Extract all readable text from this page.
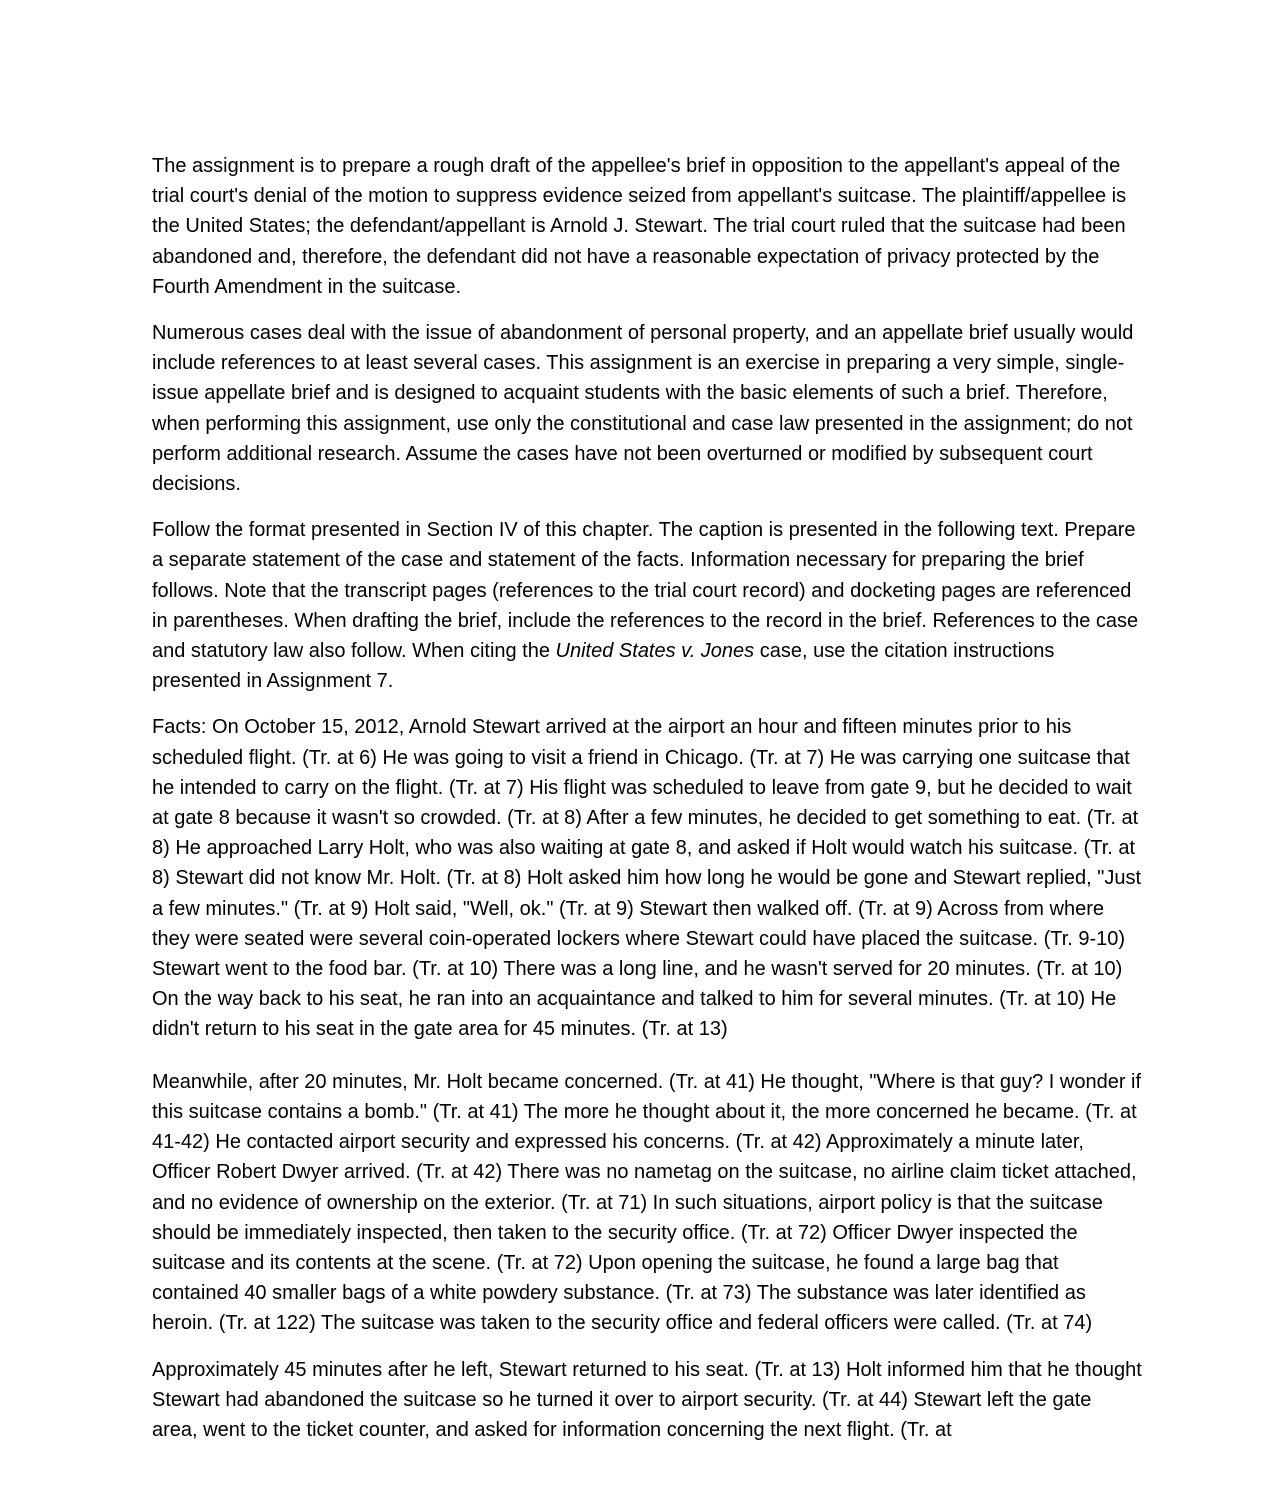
The assignment is to prepare a rough draft of the appellee's brief in opposition to the appellant's appeal of the trial court's denial of the motion to suppress evidence seized from appellant's suitcase. The plaintiff/appellee is the United States; the defendant/appellant is Arnold J. Stewart. The trial court ruled that the suitcase had been abandoned and, therefore, the defendant did not have a reasonable expectation of privacy protected by the Fourth Amendment in the suitcase.

Numerous cases deal with the issue of abandonment of personal property, and an appellate brief usually would include references to at least several cases. This assignment is an exercise in preparing a very simple, single-issue appellate brief and is designed to acquaint students with the basic elements of such a brief. Therefore, when performing this assignment, use only the constitutional and case law presented in the assignment; do not perform additional research. Assume the cases have not been overturned or modified by subsequent court decisions.

Follow the format presented in Section IV of this chapter. The caption is presented in the following text. Prepare a separate statement of the case and statement of the facts. Information necessary for preparing the brief follows. Note that the transcript pages (references to the trial court record) and docketing pages are referenced in parentheses. When drafting the brief, include the references to the record in the brief. References to the case and statutory law also follow. When citing the United States v. Jones case, use the citation instructions presented in Assignment 7.

Facts: On October 15, 2012, Arnold Stewart arrived at the airport an hour and fifteen minutes prior to his scheduled flight. (Tr. at 6) He was going to visit a friend in Chicago. (Tr. at 7) He was carrying one suitcase that he intended to carry on the flight. (Tr. at 7) His flight was scheduled to leave from gate 9, but he decided to wait at gate 8 because it wasn't so crowded. (Tr. at 8) After a few minutes, he decided to get something to eat. (Tr. at 8) He approached Larry Holt, who was also waiting at gate 8, and asked if Holt would watch his suitcase. (Tr. at 8) Stewart did not know Mr. Holt. (Tr. at 8) Holt asked him how long he would be gone and Stewart replied, "Just a few minutes." (Tr. at 9) Holt said, "Well, ok." (Tr. at 9) Stewart then walked off. (Tr. at 9) Across from where they were seated were several coin-operated lockers where Stewart could have placed the suitcase. (Tr. 9-10) Stewart went to the food bar. (Tr. at 10) There was a long line, and he wasn't served for 20 minutes. (Tr. at 10) On the way back to his seat, he ran into an acquaintance and talked to him for several minutes. (Tr. at 10) He didn't return to his seat in the gate area for 45 minutes. (Tr. at 13)

Meanwhile, after 20 minutes, Mr. Holt became concerned. (Tr. at 41) He thought, "Where is that guy? I wonder if this suitcase contains a bomb." (Tr. at 41) The more he thought about it, the more concerned he became. (Tr. at 41-42) He contacted airport security and expressed his concerns. (Tr. at 42) Approximately a minute later, Officer Robert Dwyer arrived. (Tr. at 42) There was no nametag on the suitcase, no airline claim ticket attached, and no evidence of ownership on the exterior. (Tr. at 71) In such situations, airport policy is that the suitcase should be immediately inspected, then taken to the security office. (Tr. at 72) Officer Dwyer inspected the suitcase and its contents at the scene. (Tr. at 72) Upon opening the suitcase, he found a large bag that contained 40 smaller bags of a white powdery substance. (Tr. at 73) The substance was later identified as heroin. (Tr. at 122) The suitcase was taken to the security office and federal officers were called. (Tr. at 74)

Approximately 45 minutes after he left, Stewart returned to his seat. (Tr. at 13) Holt informed him that he thought Stewart had abandoned the suitcase so he turned it over to airport security. (Tr. at 44) Stewart left the gate area, went to the ticket counter, and asked for information concerning the next flight. (Tr. at
